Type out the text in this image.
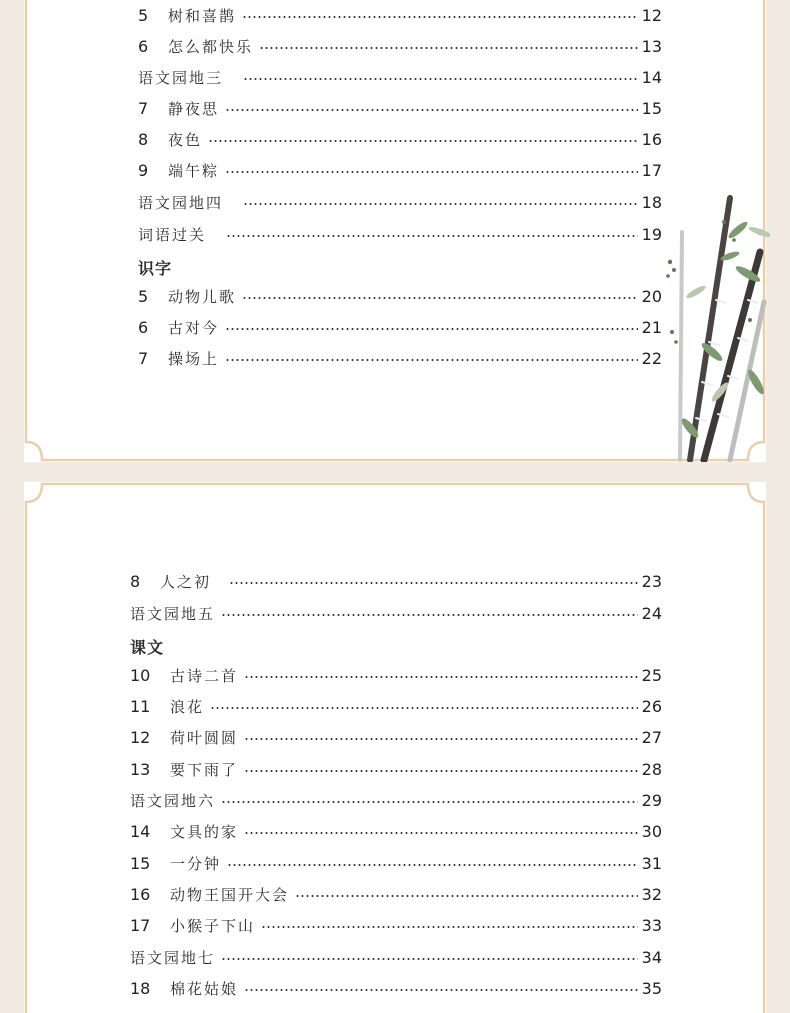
5	树和喜鹊	12
6	怎么都快乐	13
语文园地三	14
7	静夜思	15
8	夜色	16
9	端午粽	17
语文园地四	18
词语过关	19
识字
5	动物儿歌	20
6	古对今	21
7	操场上	22
8	人之初	23
语文园地五	24
课文
10	古诗二首	25
11	浪花	26
12	荷叶圆圆	27
13	要下雨了	28
语文园地六	29
14	文具的家	30
15	一分钟	31
16	动物王国开大会	32
17	小猴子下山	33
语文园地七	34
18	棉花姑娘	35
